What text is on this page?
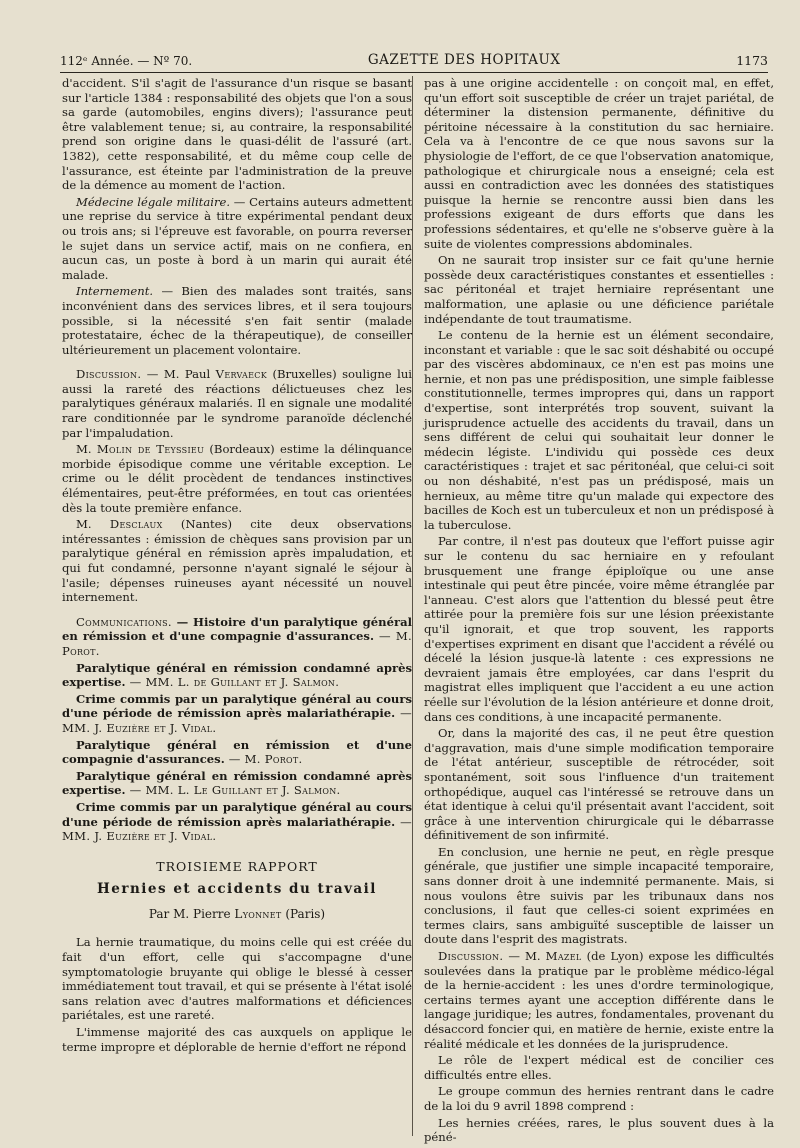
112ᵉ Année. — Nº 70.	GAZETTE DES HOPITAUX	1173

d'accident. S'il s'agit de l'assurance d'un risque se basant sur l'article 1384 : responsabilité des objets que l'on a sous sa garde (automobiles, engins divers); l'assurance peut être valablement tenue; si, au contraire, la responsabilité prend son origine dans le quasi-délit de l'assuré (art. 1382), cette responsabilité, et du même coup celle de l'assurance, est éteinte par l'administration de la preuve de la démence au moment de l'action.

Médecine légale militaire. — Certains auteurs admettent une reprise du service à titre expérimental pendant deux ou trois ans; si l'épreuve est favorable, on pourra reverser le sujet dans un service actif, mais on ne confiera, en aucun cas, un poste à bord à un marin qui aurait été malade.

Internement. — Bien des malades sont traités, sans inconvénient dans des services libres, et il sera toujours possible, si la nécessité s'en fait sentir (malade protestataire, échec de la thérapeutique), de conseiller ultérieurement un placement volontaire.

Discussion. — M. Paul Vervaeck (Bruxelles) souligne lui aussi la rareté des réactions délictueuses chez les paralytiques généraux malariés. Il en signale une modalité rare conditionnée par le syndrome paranoïde déclenché par l'impaludation.

M. Molin de Teyssieu (Bordeaux) estime la délinquance morbide épisodique comme une véritable exception. Le crime ou le délit procèdent de tendances instinctives élémentaires, peut-être préformées, en tout cas orientées dès la toute première enfance.

M. Desclaux (Nantes) cite deux observations intéressantes : émission de chèques sans provision par un paralytique général en rémission après impaludation, et qui fut condamné, personne n'ayant signalé le séjour à l'asile; dépenses ruineuses ayant nécessité un nouvel internement.

Communications. — Histoire d'un paralytique général en rémission et d'une compagnie d'assurances. — M. Porot.

Paralytique général en rémission condamné après expertise. — MM. L. de Guillant et J. Salmon.

Crime commis par un paralytique général au cours d'une période de rémission après malariathérapie. — MM. J. Euzière et J. Vidal.

Paralytique général en rémission et d'une compagnie d'assurances. — M. Porot.

Paralytique général en rémission condamné après expertise. — MM. L. Le Guillant et J. Salmon.

Crime commis par un paralytique général au cours d'une période de rémission après malariathérapie. — MM. J. Euzière et J. Vidal.

TROISIEME RAPPORT
Hernies et accidents du travail
Par M. Pierre Lyonnet (Paris)

La hernie traumatique, du moins celle qui est créée du fait d'un effort, celle qui s'accompagne d'une symptomatologie bruyante qui oblige le blessé à cesser immédiatement tout travail, et qui se présente à l'état isolé sans relation avec d'autres malformations et déficiences pariétales, est une rareté.

L'immense majorité des cas auxquels on applique le terme impropre et déplorable de hernie d'effort ne répond

pas à une origine accidentelle : on conçoit mal, en effet, qu'un effort soit susceptible de créer un trajet pariétal, de déterminer la distension permanente, définitive du péritoine nécessaire à la constitution du sac herniaire. Cela va à l'encontre de ce que nous savons sur la physiologie de l'effort, de ce que l'observation anatomique, pathologique et chirurgicale nous a enseigné; cela est aussi en contradiction avec les données des statistiques puisque la hernie se rencontre aussi bien dans les professions exigeant de durs efforts que dans les professions sédentaires, et qu'elle ne s'observe guère à la suite de violentes compressions abdominales.

On ne saurait trop insister sur ce fait qu'une hernie possède deux caractéristiques constantes et essentielles : sac péritonéal et trajet herniaire représentant une malformation, une aplasie ou une déficience pariétale indépendante de tout traumatisme.

Le contenu de la hernie est un élément secondaire, inconstant et variable : que le sac soit déshabité ou occupé par des viscères abdominaux, ce n'en est pas moins une hernie, et non pas une prédisposition, une simple faiblesse constitutionnelle, termes impropres qui, dans un rapport d'expertise, sont interprétés trop souvent, suivant la jurisprudence actuelle des accidents du travail, dans un sens différent de celui qui souhaitait leur donner le médecin légiste. L'individu qui possède ces deux caractéristiques : trajet et sac péritonéal, que celui-ci soit ou non déshabité, n'est pas un prédisposé, mais un hernieux, au même titre qu'un malade qui expectore des bacilles de Koch est un tuberculeux et non un prédisposé à la tuberculose.

Par contre, il n'est pas douteux que l'effort puisse agir sur le contenu du sac herniaire en y refoulant brusquement une frange épiploïque ou une anse intestinale qui peut être pincée, voire même étranglée par l'anneau. C'est alors que l'attention du blessé peut être attirée pour la première fois sur une lésion préexistante qu'il ignorait, et que trop souvent, les rapports d'expertises expriment en disant que l'accident a révélé ou décelé la lésion jusque-là latente : ces expressions ne devraient jamais être employées, car dans l'esprit du magistrat elles impliquent que l'accident a eu une action réelle sur l'évolution de la lésion antérieure et donne droit, dans ces conditions, à une incapacité permanente.

Or, dans la majorité des cas, il ne peut être question d'aggravation, mais d'une simple modification temporaire de l'état antérieur, susceptible de rétrocéder, soit spontanément, soit sous l'influence d'un traitement orthopédique, auquel cas l'intéressé se retrouve dans un état identique à celui qu'il présentait avant l'accident, soit grâce à une intervention chirurgicale qui le débarrasse définitivement de son infirmité.

En conclusion, une hernie ne peut, en règle presque générale, que justifier une simple incapacité temporaire, sans donner droit à une indemnité permanente. Mais, si nous voulons être suivis par les tribunaux dans nos conclusions, il faut que celles-ci soient exprimées en termes clairs, sans ambiguïté susceptible de laisser un doute dans l'esprit des magistrats.

Discussion. — M. Mazel (de Lyon) expose les difficultés soulevées dans la pratique par le problème médico-légal de la hernie-accident : les unes d'ordre terminologique, certains termes ayant une acception différente dans le langage juridique; les autres, fondamentales, provenant du désaccord foncier qui, en matière de hernie, existe entre la réalité médicale et les données de la jurisprudence.

Le rôle de l'expert médical est de concilier ces difficultés entre elles.

Le groupe commun des hernies rentrant dans le cadre de la loi du 9 avril 1898 comprend :

Les hernies créées, rares, le plus souvent dues à la péné-
